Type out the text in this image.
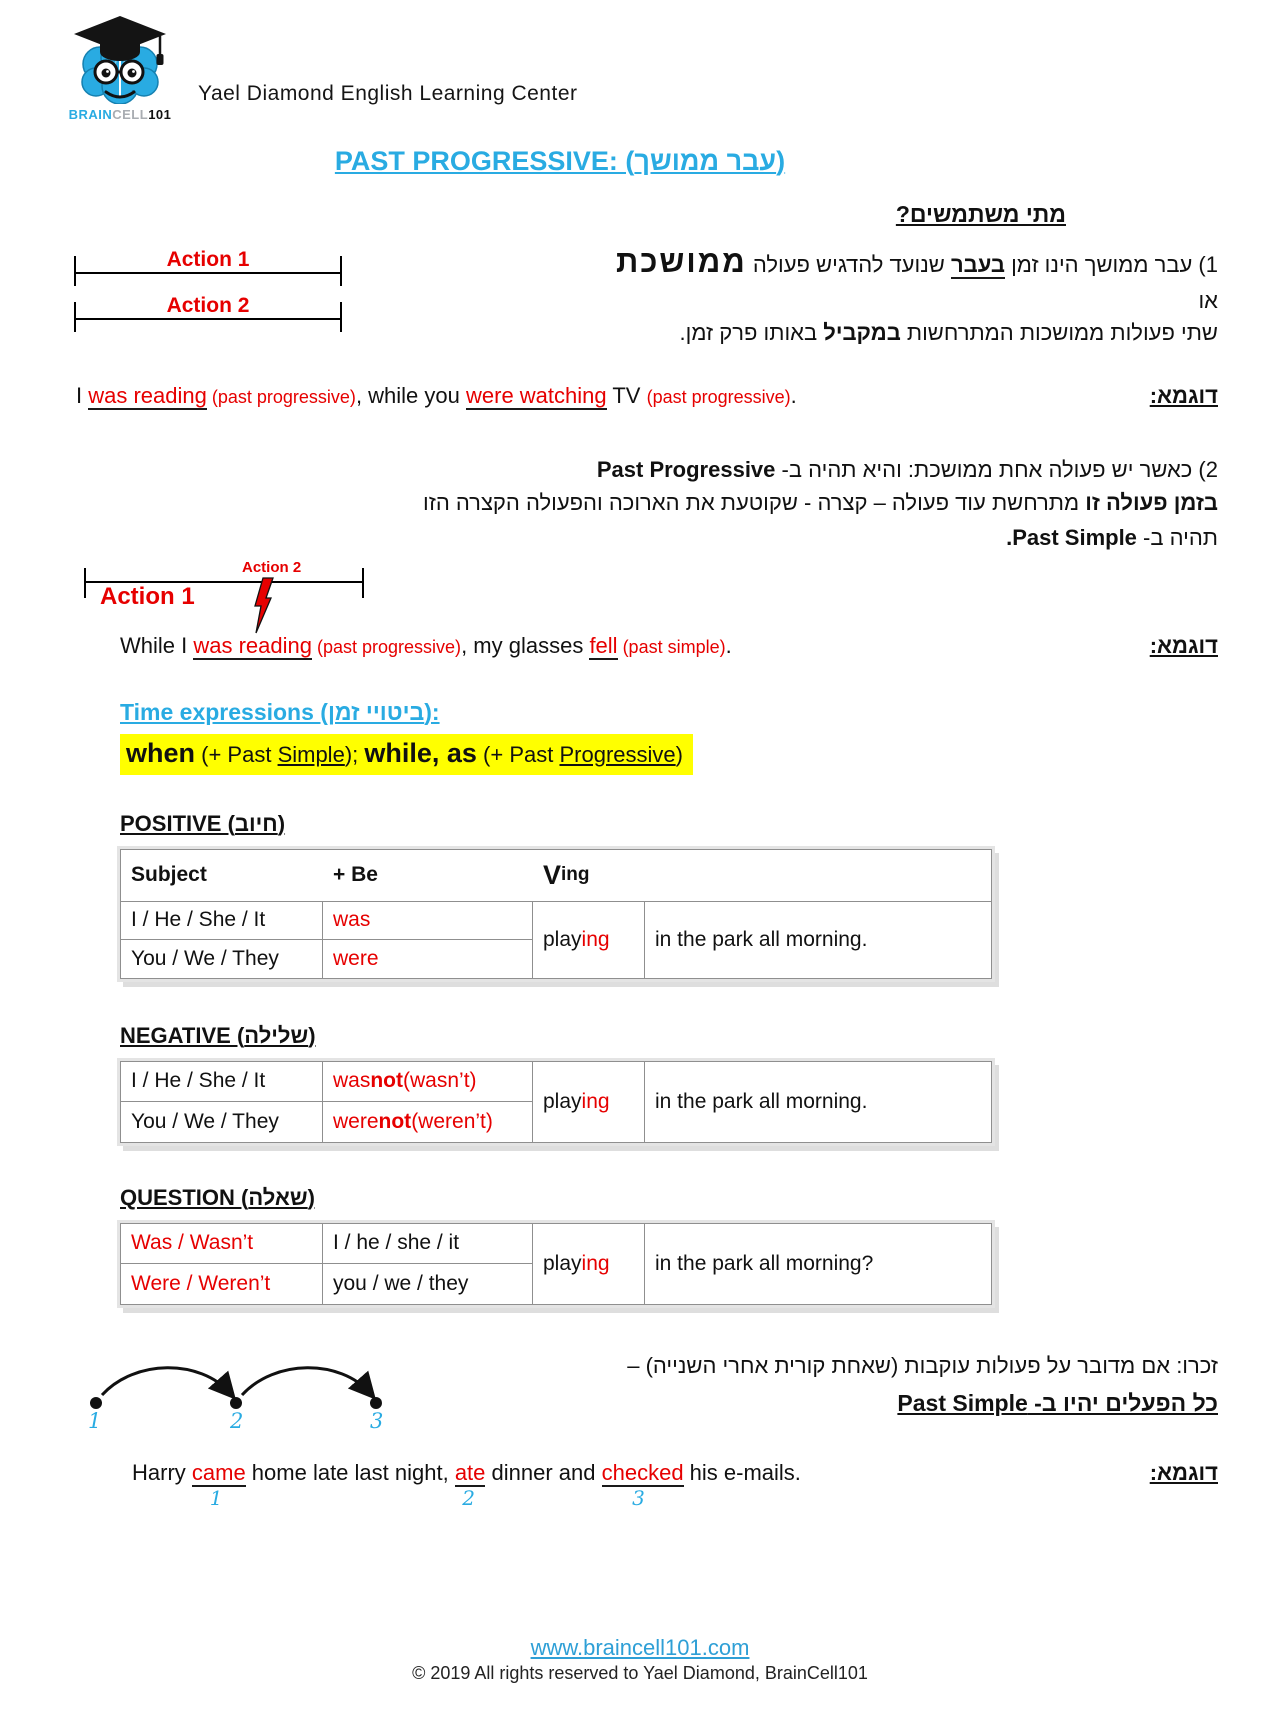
BRAINCELL101
Yael Diamond English Learning Center
PAST PROGRESSIVE: (עבר ממושך)
מתי משתמשים?
Action 1
Action 2
1) עבר ממושך הינו זמן בעבר שנועד להדגיש פעולה ממושכת
או
שתי פעולות ממושכות המתרחשות במקביל באותו פרק זמן.
I was reading (past progressive), while you were watching TV (past progressive).	דוגמא:
2) כאשר יש פעולה אחת ממושכת: והיא תהיה ב- Past Progressive
בזמן פעולה זו מתרחשת עוד פעולה – קצרה - שקוטעת את הארוכה והפעולה הקצרה הזו
Action 1
Action 2
תהיה ב- Past Simple.
While I was reading (past progressive), my glasses fell (past simple).	דוגמא:
Time expressions (ביטויי זמן):
when (+ Past Simple); while, as (+ Past Progressive)
POSITIVE (חיוב)
Subject	+ Be	V ing
I / He / She / It	was
play ing	in the park all morning.
You / We / They	were
NEGATIVE (שלילה)
I / He / She / It	was not (wasn’t)
play ing	in the park all morning.
You / We / They	were not (weren’t)
QUESTION (שאלה)
Was / Wasn’t	I / he / she / it
play ing	in the park all morning?
Were / Weren’t	you / we / they
1	2	3
זכרו: אם מדובר על פעולות עוקבות (שאחת קורית אחרי השנייה) –
כל הפעלים יהיו ב- Past Simple
Harry came
1
home late last night, ate
2
dinner and checked
3
his e-mails.	דוגמא:
www.braincell101.com
© 2019 All rights reserved to Yael Diamond, BrainCell101
